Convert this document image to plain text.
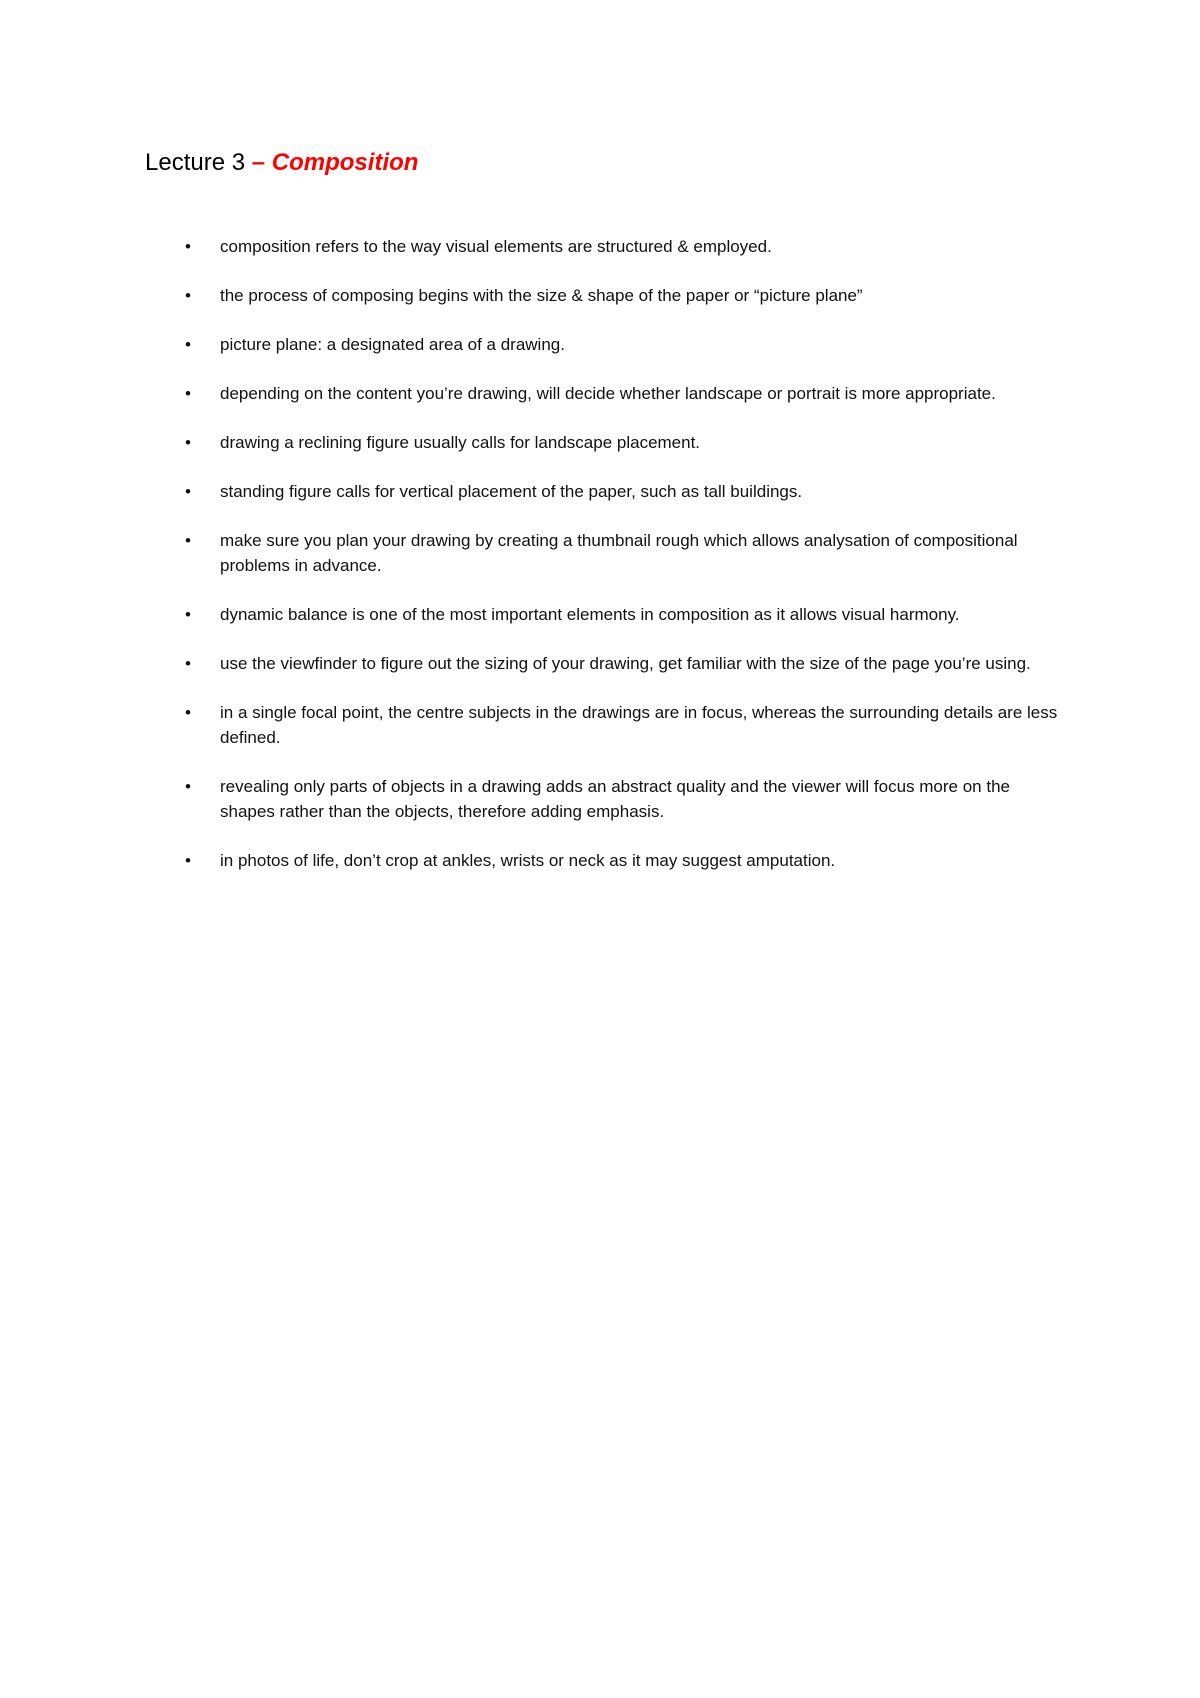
Lecture 3 – Composition
• composition refers to the way visual elements are structured & employed.
• the process of composing begins with the size & shape of the paper or “picture plane”
• picture plane: a designated area of a drawing.
• depending on the content you’re drawing, will decide whether landscape or portrait is more appropriate.
• drawing a reclining figure usually calls for landscape placement.
• standing figure calls for vertical placement of the paper, such as tall buildings.
• make sure you plan your drawing by creating a thumbnail rough which allows analysation of compositional problems in advance.
• dynamic balance is one of the most important elements in composition as it allows visual harmony.
• use the viewfinder to figure out the sizing of your drawing, get familiar with the size of the page you’re using.
• in a single focal point, the centre subjects in the drawings are in focus, whereas the surrounding details are less defined.
• revealing only parts of objects in a drawing adds an abstract quality and the viewer will focus more on the shapes rather than the objects, therefore adding emphasis.
• in photos of life, don’t crop at ankles, wrists or neck as it may suggest amputation.
